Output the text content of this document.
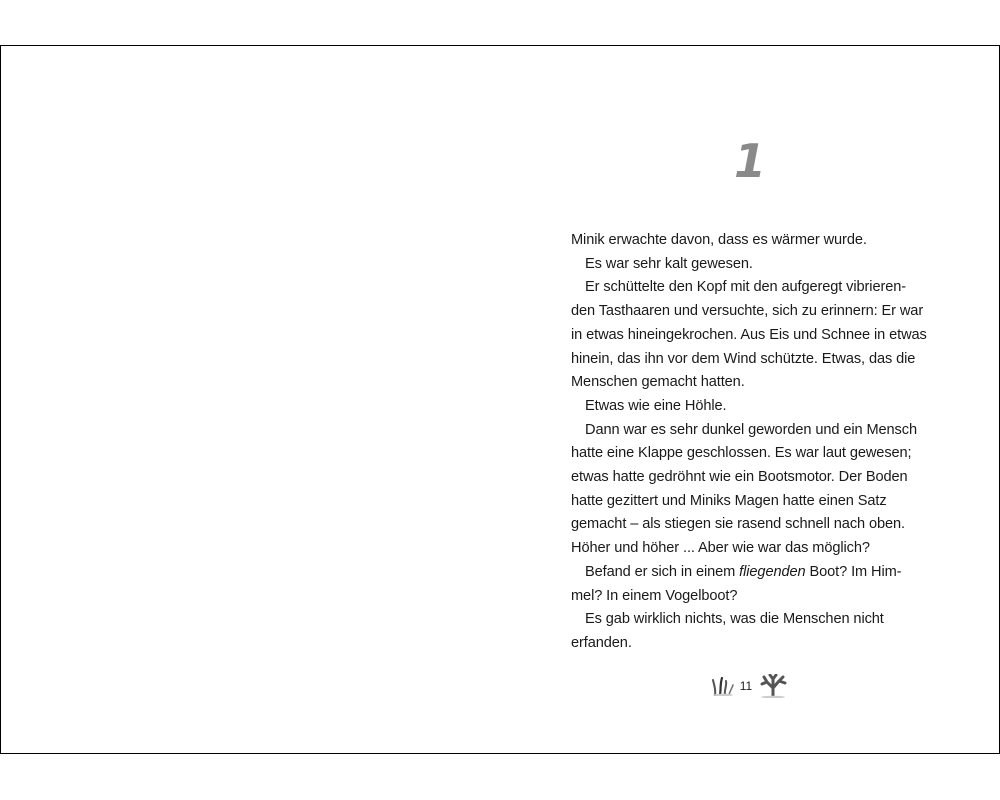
1
Minik erwachte davon, dass es wärmer wurde.
Es war sehr kalt gewesen.
Er schüttelte den Kopf mit den aufgeregt vibrieren-
den Tasthaaren und versuchte, sich zu erinnern: Er war
in etwas hineingekrochen. Aus Eis und Schnee in etwas
hinein, das ihn vor dem Wind schützte. Etwas, das die
Menschen gemacht hatten.
Etwas wie eine Höhle.
Dann war es sehr dunkel geworden und ein Mensch
hatte eine Klappe geschlossen. Es war laut gewesen;
etwas hatte gedröhnt wie ein Bootsmotor. Der Boden
hatte gezittert und Miniks Magen hatte einen Satz
gemacht – als stiegen sie rasend schnell nach oben.
Höher und höher ... Aber wie war das möglich?
Befand er sich in einem fliegenden Boot? Im Him-
mel? In einem Vogelboot?
Es gab wirklich nichts, was die Menschen nicht
erfanden.
11
